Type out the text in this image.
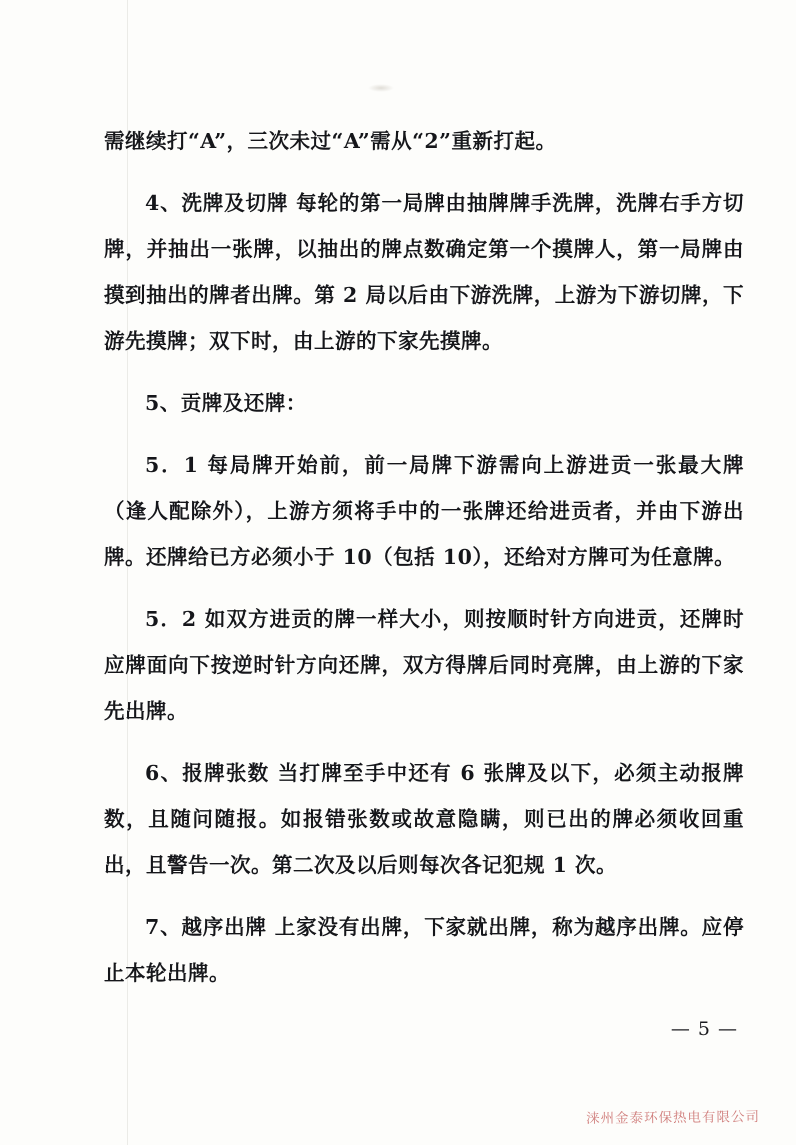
需继续打“A”，三次未过“A”需从“2”重新打起。

4、洗牌及切牌 每轮的第一局牌由抽牌牌手洗牌，洗牌右手方切牌，并抽出一张牌，以抽出的牌点数确定第一个摸牌人，第一局牌由摸到抽出的牌者出牌。第 2 局以后由下游洗牌，上游为下游切牌，下游先摸牌；双下时，由上游的下家先摸牌。

5、贡牌及还牌：

5．1 每局牌开始前，前一局牌下游需向上游进贡一张最大牌（逢人配除外），上游方须将手中的一张牌还给进贡者，并由下游出牌。还牌给已方必须小于 10（包括 10），还给对方牌可为任意牌。

5．2 如双方进贡的牌一样大小，则按顺时针方向进贡，还牌时应牌面向下按逆时针方向还牌，双方得牌后同时亮牌，由上游的下家先出牌。

6、报牌张数 当打牌至手中还有 6 张牌及以下，必须主动报牌数，且随问随报。如报错张数或故意隐瞒，则已出的牌必须收回重出，且警告一次。第二次及以后则每次各记犯规 1 次。

7、越序出牌 上家没有出牌，下家就出牌，称为越序出牌。应停止本轮出牌。

— 5 —
涞州金泰环保热电有限公司
